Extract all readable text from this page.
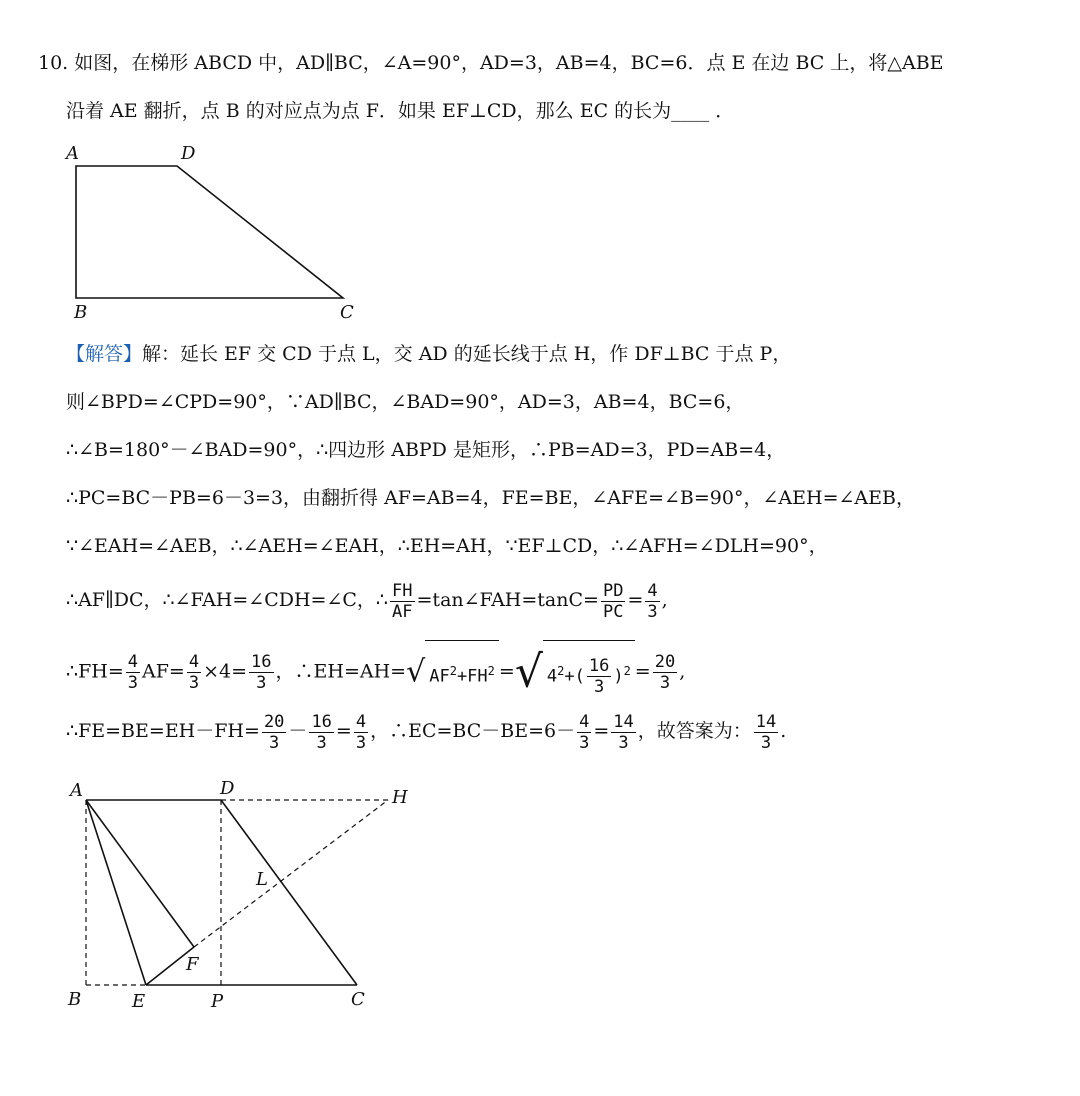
10. 如图，在梯形 ABCD 中，AD∥BC，∠A=90°，AD=3，AB=4，BC=6．点 E 在边 BC 上，将△ABE
沿着 AE 翻折，点 B 的对应点为点 F．如果 EF⊥CD，那么 EC 的长为____ ．
A	D
B	C
【解答】解：延长 EF 交 CD 于点 L，交 AD 的延长线于点 H，作 DF⊥BC 于点 P，
则∠BPD=∠CPD=90°，∵AD∥BC，∠BAD=90°，AD=3，AB=4，BC=6，
∴∠B=180°－∠BAD=90°，∴四边形 ABPD 是矩形，∴PB=AD=3，PD=AB=4，
∴PC=BC－PB=6－3=3，由翻折得 AF=AB=4，FE=BE，∠AFE=∠B=90°，∠AEH=∠AEB，
∵∠EAH=∠AEB，∴∠AEH=∠EAH，∴EH=AH，∵EF⊥CD，∴∠AFH=∠DLH=90°，
∴AF∥DC，∴∠FAH=∠CDH=∠C，∴ $\frac{FH}{AF}$ =tan∠FAH=tanC= $\frac{PD}{PC} = \frac{4}{3}$ ,
∴FH= $\frac{4}{3} AF= \frac{4}{3} \times 4= \frac{16}{3}$ ，∴EH=AH=√ $AF^2+FH^2$ =√ $4^2+( \frac{16}{3} )^2 = \frac{20}{3}$ ,
∴FE=BE=EH－FH= $\frac{20}{3} - \frac{16}{3} = \frac{4}{3}$ ，∴EC=BC－BE=6－ $\frac{4}{3} = \frac{14}{3}$ ，故答案为： $\frac{14}{3}$ .
A	D	H
L
F
B	E	P	C
